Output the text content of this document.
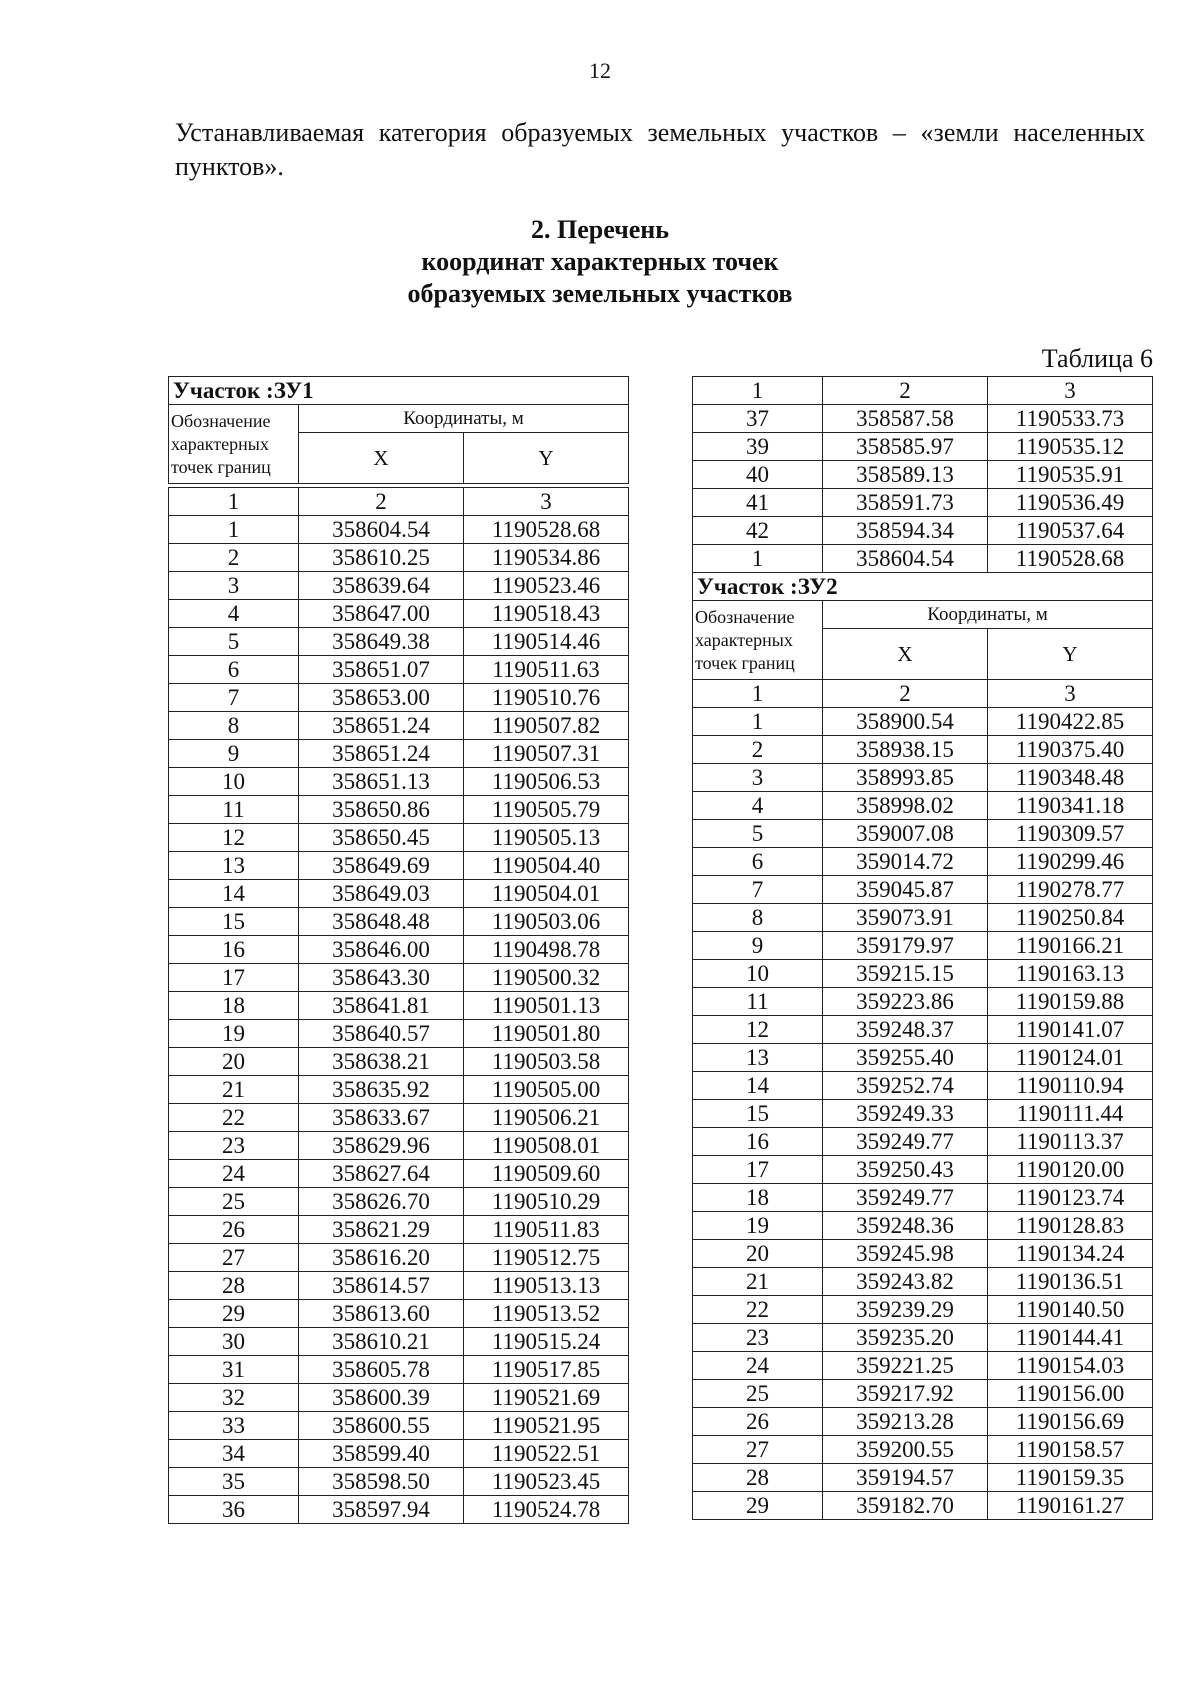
12
Устанавливаемая категория образуемых земельных участков – «земли населенных пунктов».
2. Перечень
координат характерных точек
образуемых земельных участков
Таблица 6
Участок :ЗУ1		

Обозначение
характерных
точек границ	Координаты, м	
	X	Y

1	2	3
1	358604.54	1190528.68
2	358610.25	1190534.86
3	358639.64	1190523.46
4	358647.00	1190518.43
5	358649.38	1190514.46
6	358651.07	1190511.63
7	358653.00	1190510.76
8	358651.24	1190507.82
9	358651.24	1190507.31
10	358651.13	1190506.53
11	358650.86	1190505.79
12	358650.45	1190505.13
13	358649.69	1190504.40
14	358649.03	1190504.01
15	358648.48	1190503.06
16	358646.00	1190498.78
17	358643.30	1190500.32
18	358641.81	1190501.13
19	358640.57	1190501.80
20	358638.21	1190503.58
21	358635.92	1190505.00
22	358633.67	1190506.21
23	358629.96	1190508.01
24	358627.64	1190509.60
25	358626.70	1190510.29
26	358621.29	1190511.83
27	358616.20	1190512.75
28	358614.57	1190513.13
29	358613.60	1190513.52
30	358610.21	1190515.24
31	358605.78	1190517.85
32	358600.39	1190521.69
33	358600.55	1190521.95
34	358599.40	1190522.51
35	358598.50	1190523.45
36	358597.94	1190524.78
1	2	3
37	358587.58	1190533.73
39	358585.97	1190535.12
40	358589.13	1190535.91
41	358591.73	1190536.49
42	358594.34	1190537.64
1	358604.54	1190528.68
Участок :ЗУ2		

Обозначение
характерных
точек границ	Координаты, м	
	X	Y
1	2	3
1	358900.54	1190422.85
2	358938.15	1190375.40
3	358993.85	1190348.48
4	358998.02	1190341.18
5	359007.08	1190309.57
6	359014.72	1190299.46
7	359045.87	1190278.77
8	359073.91	1190250.84
9	359179.97	1190166.21
10	359215.15	1190163.13
11	359223.86	1190159.88
12	359248.37	1190141.07
13	359255.40	1190124.01
14	359252.74	1190110.94
15	359249.33	1190111.44
16	359249.77	1190113.37
17	359250.43	1190120.00
18	359249.77	1190123.74
19	359248.36	1190128.83
20	359245.98	1190134.24
21	359243.82	1190136.51
22	359239.29	1190140.50
23	359235.20	1190144.41
24	359221.25	1190154.03
25	359217.92	1190156.00
26	359213.28	1190156.69
27	359200.55	1190158.57
28	359194.57	1190159.35
29	359182.70	1190161.27
